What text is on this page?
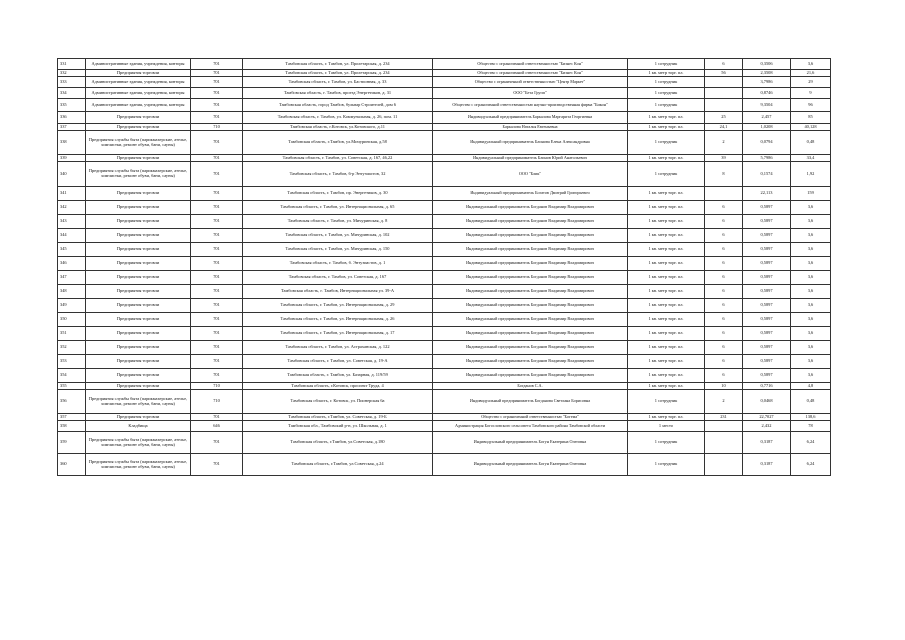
331	Административные здания, учреждения, конторы	701	Тамбовская область, г. Тамбов, ул. Пролетарская, д. 234	Общество с ограниченной ответственностью "Бизнес Кон"	1 сотрудник	6	0,3506	3,6
332	Предприятия торговли	701	Тамбовская область, г. Тамбов, ул. Пролетарская, д. 234	Общество с ограниченной ответственностью "Бизнес Кон"	1 кв. метр торг. пл.	56	2,3508	21,6
333	Административные здания, учреждения, конторы	701	Тамбовская область, г. Тамбов, ул. Бастионная, д. 33	Общество с ограниченной ответственностью "Центр Маркет"	1 сотрудник		3,7986	29
334	Административные здания, учреждения, конторы	701	Тамбовская область, г. Тамбов, проезд Энергетиков, д. 31	ООО "Бета Групп"	1 сотрудник		0,8746	9
335	Административные здания, учреждения, конторы	701	Тамбовская область, город Тамбов, бульвар Строителей, дом 6	Общество с ограниченной ответственностью научно-производственная фирма "Бикон"	1 сотрудник		9,3504	96
336	Предприятия торговли	701	Тамбовская область, г. Тамбов, ул. Коммунальная, д. 26, пом. 11	Индивидуальный предприниматель Баркалова Маргарита Георгиевна	1 кв. метр торг. пл.	25	2,457	85
337	Предприятия торговли	710	Тамбовская область, г.Котовск, ул.Котовского, д.11	Баркалова Наталья Евгеньевна	1 кв. метр торг. пл.	24,1	1,0208	40,128
338	Предприятия службы быта (парикмахерские, ателье, химчистки, ремонт обуви, бани, сауны)	701	Тамбовская область, г.Тамбов, ул.Мичуринская, д.58	Индивидуальный предприниматель Блинова Елена Александровна	1 сотрудник	2	0,0794	0,48
339	Предприятия торговли	701	Тамбовская область, г. Тамбов, ул. Советская, д. 167, 46,22	Индивидуальный предприниматель Блинов Юрий Анатольевич	1 кв. метр торг. пл.	39	5,7986	33,4
340	Предприятия службы быта (парикмахерские, ателье, химчистки, ремонт обуви, бани, сауны)	701	Тамбовская область, г. Тамбов, 6-р Энтузиастов, 32	ООО "Блик"	1 сотрудник	8	0,1574	1,92
341	Предприятия торговли	701	Тамбовская область, г. Тамбов, пр. Энергетиков, д. 30	Индивидуальный предприниматель Богатов Дмитрий Григорьевич	1 кв. метр торг. пл.		22,113	159
342	Предприятия торговли	701	Тамбовская область, г. Тамбов, ул. Интернациональная, д. 65	Индивидуальный предприниматель Богданов Владимир Владимирович	1 кв. метр торг. пл.	6	0,5897	3,6
343	Предприятия торговли	701	Тамбовская область, г. Тамбов, ул. Мичуринская, д. 8	Индивидуальный предприниматель Богданов Владимир Владимирович	1 кв. метр торг. пл.	6	0,5897	3,6
344	Предприятия торговли	701	Тамбовская область, г. Тамбов, ул. Мичуринская, д. 102	Индивидуальный предприниматель Богданов Владимир Владимирович	1 кв. метр торг. пл.	6	0,5897	3,6
345	Предприятия торговли	701	Тамбовская область, г. Тамбов, ул. Мичуринская, д. 150	Индивидуальный предприниматель Богданов Владимир Владимирович	1 кв. метр торг. пл.	6	0,5897	3,6
346	Предприятия торговли	701	Тамбовская область, г. Тамбов, б. Энтузиастов, д. 1	Индивидуальный предприниматель Богданов Владимир Владимирович	1 кв. метр торг. пл.	6	0,5897	3,6
347	Предприятия торговли	701	Тамбовская область, г. Тамбов, ул. Советская, д. 167	Индивидуальный предприниматель Богданов Владимир Владимирович	1 кв. метр торг. пл.	6	0,5897	3,6
348	Предприятия торговли	701	Тамбовская область, г. Тамбов, Интернациональная ул. 39-А	Индивидуальный предприниматель Богданов Владимир Владимирович	1 кв. метр торг. пл.	6	0,5897	3,6
349	Предприятия торговли	701	Тамбовская область, г. Тамбов, ул. Интернациональная, д. 29	Индивидуальный предприниматель Богданов Владимир Владимирович	1 кв. метр торг. пл.	6	0,5897	3,6
350	Предприятия торговли	701	Тамбовская область, г. Тамбов, ул. Интернациональная, д. 26	Индивидуальный предприниматель Богданов Владимир Владимирович	1 кв. метр торг. пл.	6	0,5897	3,6
351	Предприятия торговли	701	Тамбовская область, г. Тамбов, ул. Интернациональная, д. 17	Индивидуальный предприниматель Богданов Владимир Владимирович	1 кв. метр торг. пл.	6	0,5897	3,6
352	Предприятия торговли	701	Тамбовская область, г. Тамбов, ул. Астраханская, д. 122	Индивидуальный предприниматель Богданов Владимир Владимирович	1 кв. метр торг. пл.	6	0,5897	3,6
353	Предприятия торговли	701	Тамбовская область, г. Тамбов, ул. Советская, д. 19-А	Индивидуальный предприниматель Богданов Владимир Владимирович	1 кв. метр торг. пл.	6	0,5897	3,6
354	Предприятия торговли	701	Тамбовская область, г. Тамбов, ул. Базарная, д. 119/59	Индивидуальный предприниматель Богданов Владимир Владимирович	1 кв. метр торг. пл.	6	0,5897	3,6
355	Предприятия торговли	710	Тамбовская область, г.Котовск, проспект Труда, 4	Богданов С.А.	1 кв. метр торг. пл.	10	0,7716	4,8
356	Предприятия службы быта (парикмахерские, ателье, химчистки, ремонт обуви, бани, сауны)	710	Тамбовская область, г. Котовск, ул. Пионерская 6а	Индивидуальный предприниматель Богданова Светлана Борисовна	1 сотрудник	2	0,0468	0,48
357	Предприятия торговли	701	Тамбовская область, г.Тамбов, ул. Советская, д. 19-Б	Общество с ограниченной ответственностью "Богема"	1 кв. метр торг. пл.	231	22,7027	138,6
358	Кладбища	646	Тамбовская обл., Тамбовский р-н, ул. Школьная, д. 1	Администрация Богословского сельсовета Тамбовского района Тамбовской области	1 место		2,432	78
359	Предприятия службы быта (парикмахерские, ателье, химчистки, ремонт обуви, бани, сауны)	701	Тамбовская область, г.Тамбов, ул.Советская, д.180	Индивидуальный предприниматель Богун Екатерина Олеговна	1 сотрудник		0,3187	6,24
360	Предприятия службы быта (парикмахерские, ателье, химчистки, ремонт обуви, бани, сауны)	701	Тамбовская область, г.Тамбов, ул.Советская, д.24	Индивидуальный предприниматель Богун Екатерина Олеговна	1 сотрудник		0,3187	6,24
